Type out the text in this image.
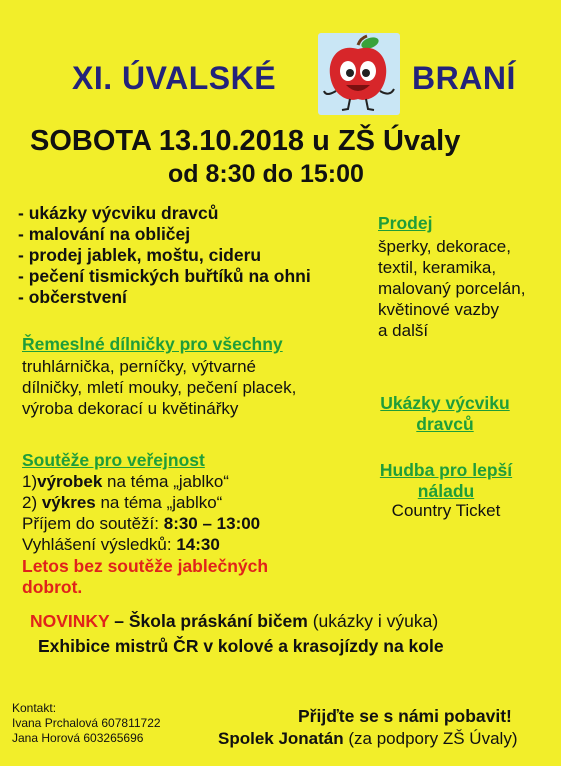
XI. ÚVALSKÉ	BRANÍ
SOBOTA 13.10.2018 u ZŠ Úvaly
od 8:30 do 15:00
- ukázky výcviku dravců
- malování na obličej
- prodej jablek, moštu, cideru
- pečení tismických buřtíků na ohni
- občerstvení
Řemeslné dílničky pro všechny
truhlárnička, perníčky, výtvarné
dílničky, mletí mouky, pečení placek,
výroba dekorací u květinářky
Soutěže pro veřejnost
1)výrobek na téma „jablko“
2) výkres na téma „jablko“
Příjem do soutěží: 8:30 – 13:00
Vyhlášení výsledků: 14:30
Letos bez soutěže jablečných
dobrot.
Prodej
šperky, dekorace,
textil, keramika,
malovaný porcelán,
květinové vazby
a další
Ukázky výcviku
dravců
Hudba pro lepší
náladu
Country Ticket
NOVINKY – Škola práskání bičem (ukázky i výuka)
Exhibice mistrů ČR v kolové a krasojízdy na kole
Kontakt:
Ivana Prchalová 607811722
Jana Horová 603265696
Přijďte se s námi pobavit!
Spolek Jonatán (za podpory ZŠ Úvaly)
